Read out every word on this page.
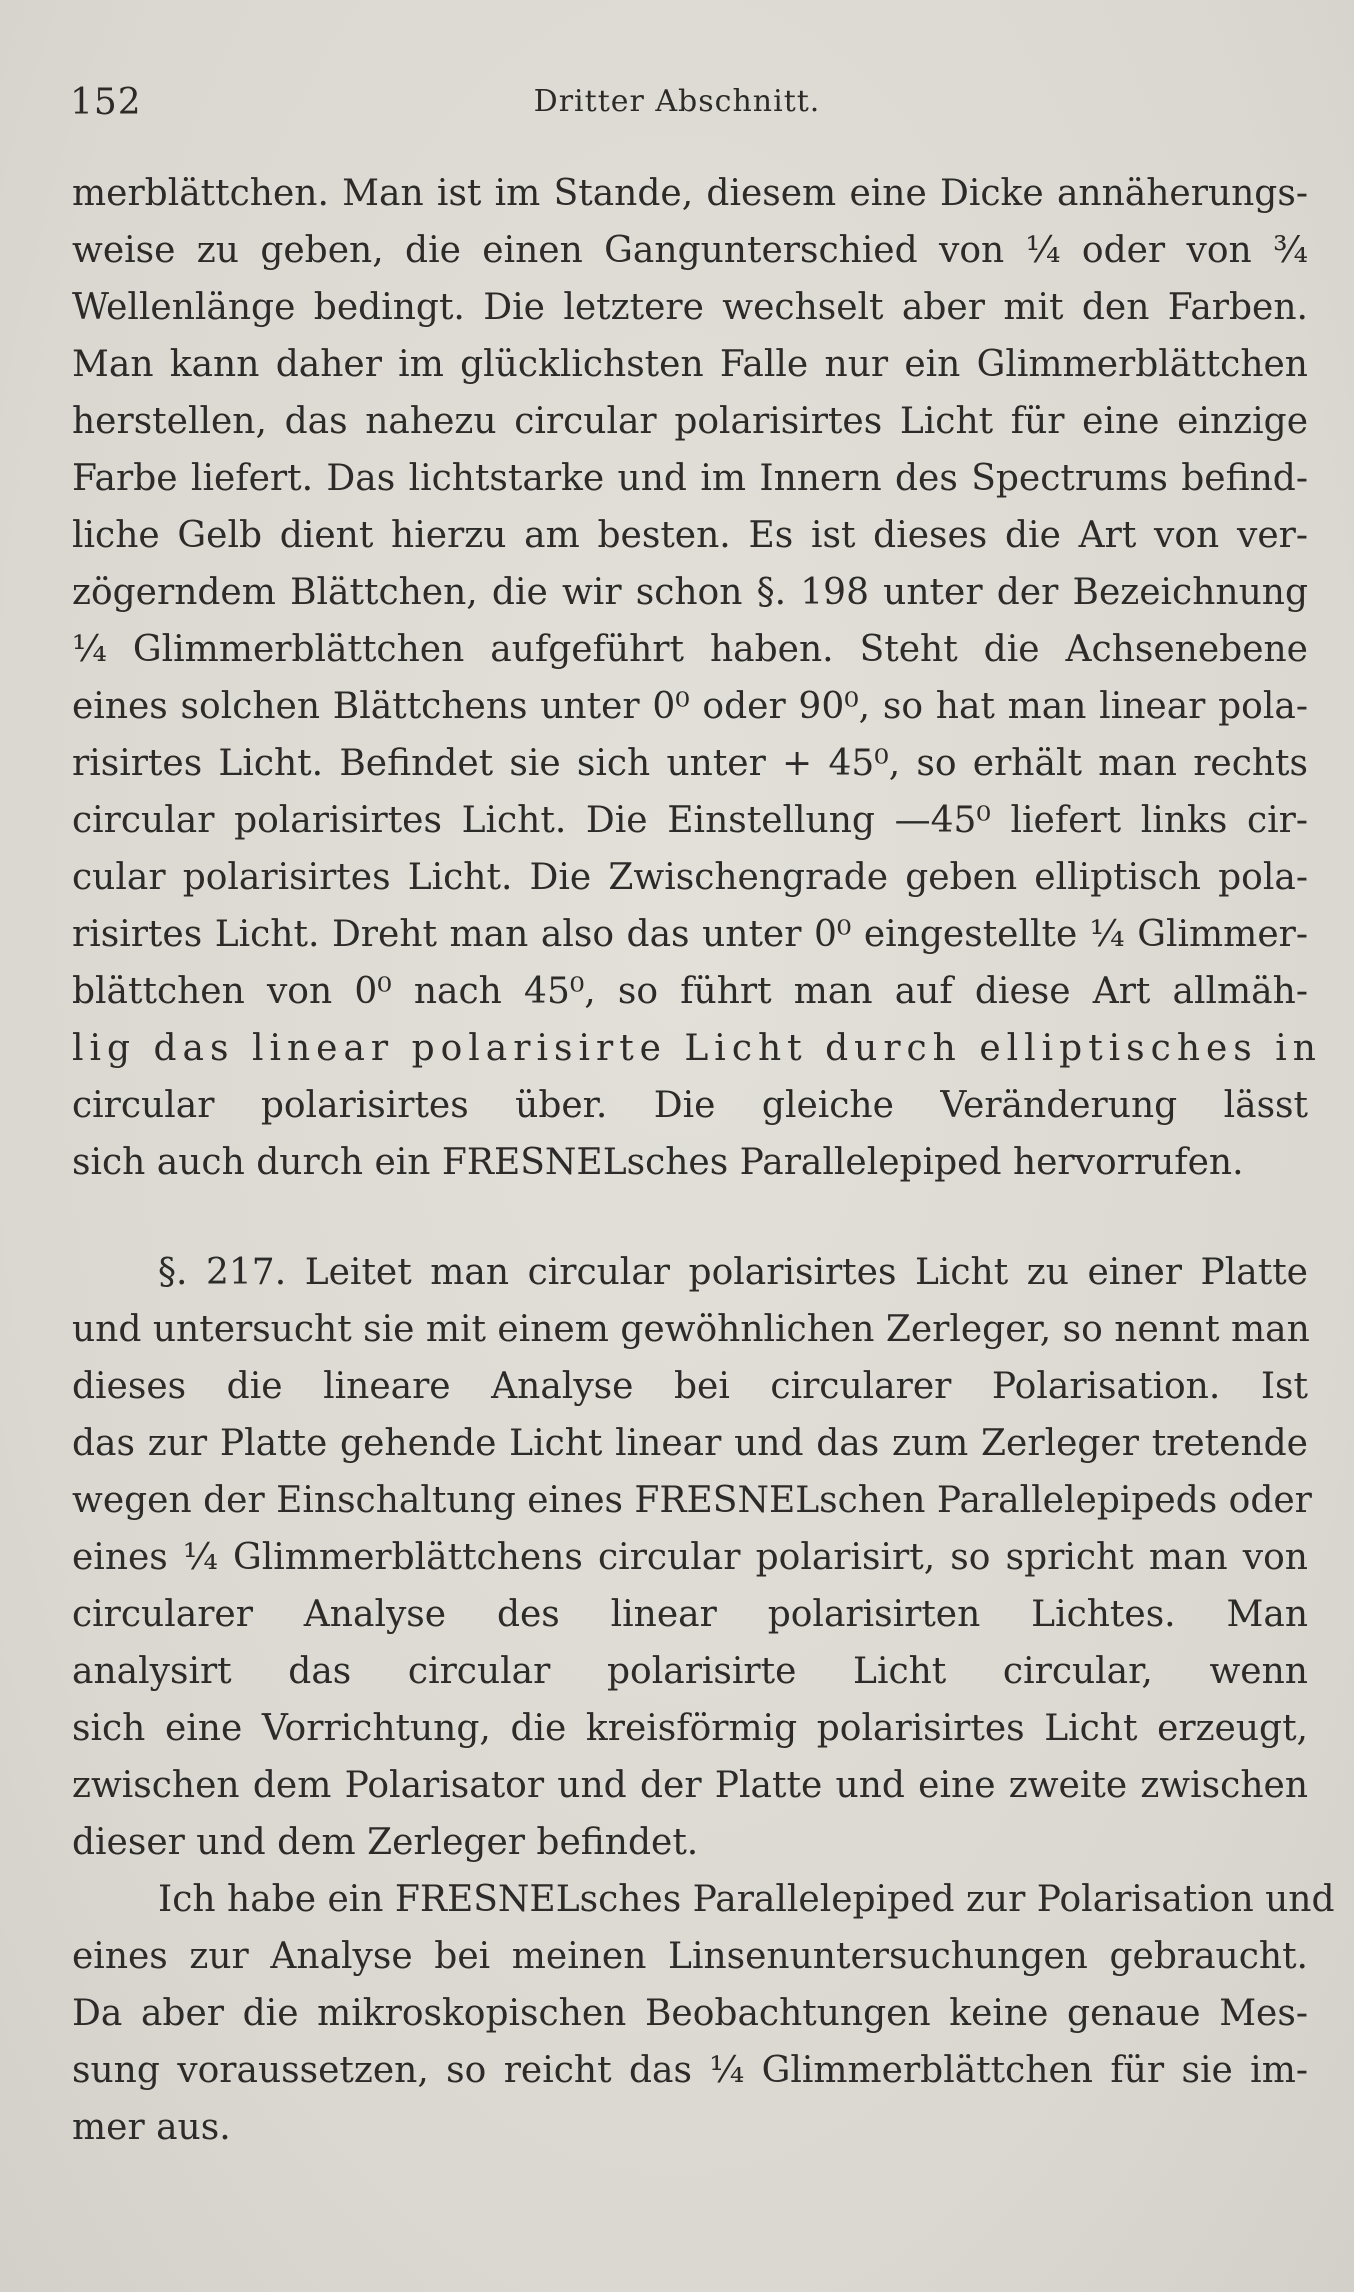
152	Dritter Abschnitt.

merblättchen. Man ist im Stande, diesem eine Dicke annäherungs-
weise zu geben, die einen Gangunterschied von ¼ oder von ¾
Wellenlänge bedingt. Die letztere wechselt aber mit den Farben.
Man kann daher im glücklichsten Falle nur ein Glimmerblättchen
herstellen, das nahezu circular polarisirtes Licht für eine einzige
Farbe liefert. Das lichtstarke und im Innern des Spectrums befind-
liche Gelb dient hierzu am besten. Es ist dieses die Art von ver-
zögerndem Blättchen, die wir schon §. 198 unter der Bezeichnung
¼ Glimmerblättchen aufgeführt haben. Steht die Achsenebene
eines solchen Blättchens unter 0⁰ oder 90⁰, so hat man linear pola-
risirtes Licht. Befindet sie sich unter + 45⁰, so erhält man rechts
circular polarisirtes Licht. Die Einstellung —45⁰ liefert links cir-
cular polarisirtes Licht. Die Zwischengrade geben elliptisch pola-
risirtes Licht. Dreht man also das unter 0⁰ eingestellte ¼ Glimmer-
blättchen von 0⁰ nach 45⁰, so führt man auf diese Art allmäh-
lig das linear polarisirte Licht durch elliptisches in
circular polarisirtes über. Die gleiche Veränderung lässt
sich auch durch ein FRESNELsches Parallelepiped hervorrufen.

§. 217. Leitet man circular polarisirtes Licht zu einer Platte
und untersucht sie mit einem gewöhnlichen Zerleger, so nennt man
dieses die lineare Analyse bei circularer Polarisation. Ist
das zur Platte gehende Licht linear und das zum Zerleger tretende
wegen der Einschaltung eines FRESNELschen Parallelepipeds oder
eines ¼ Glimmerblättchens circular polarisirt, so spricht man von
circularer Analyse des linear polarisirten Lichtes. Man
analysirt das circular polarisirte Licht circular, wenn
sich eine Vorrichtung, die kreisförmig polarisirtes Licht erzeugt,
zwischen dem Polarisator und der Platte und eine zweite zwischen
dieser und dem Zerleger befindet.

Ich habe ein FRESNELsches Parallelepiped zur Polarisation und
eines zur Analyse bei meinen Linsenuntersuchungen gebraucht.
Da aber die mikroskopischen Beobachtungen keine genaue Mes-
sung voraussetzen, so reicht das ¼ Glimmerblättchen für sie im-
mer aus.
